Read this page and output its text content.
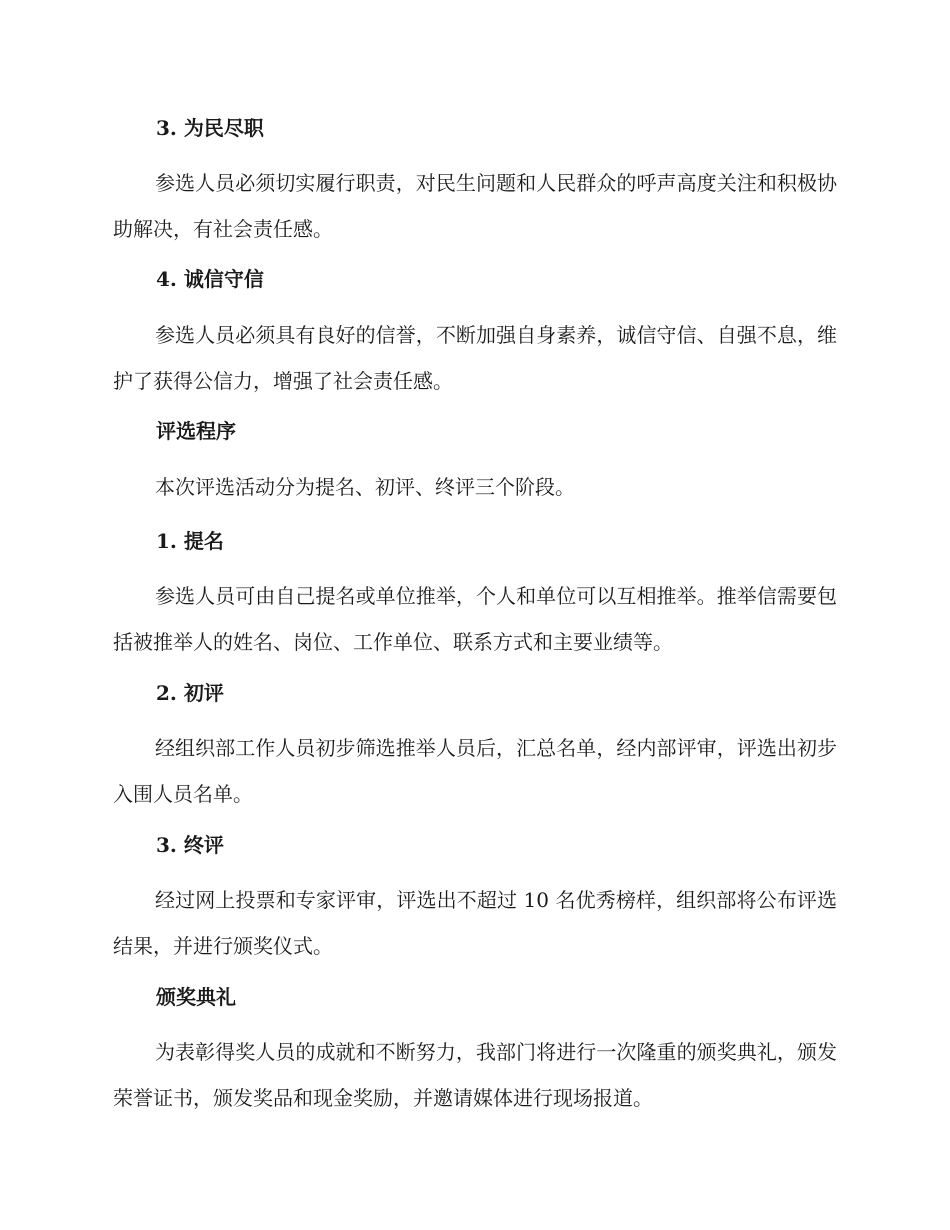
3. 为民尽职
参选人员必须切实履行职责，对民生问题和人民群众的呼声高度关注和积极协助解决，有社会责任感。
4. 诚信守信
参选人员必须具有良好的信誉，不断加强自身素养，诚信守信、自强不息，维护了获得公信力，增强了社会责任感。
评选程序
本次评选活动分为提名、初评、终评三个阶段。
1. 提名
参选人员可由自己提名或单位推举，个人和单位可以互相推举。推举信需要包括被推举人的姓名、岗位、工作单位、联系方式和主要业绩等。
2. 初评
经组织部工作人员初步筛选推举人员后，汇总名单，经内部评审，评选出初步入围人员名单。
3. 终评
经过网上投票和专家评审，评选出不超过 10 名优秀榜样，组织部将公布评选结果，并进行颁奖仪式。
颁奖典礼
为表彰得奖人员的成就和不断努力，我部门将进行一次隆重的颁奖典礼，颁发荣誉证书，颁发奖品和现金奖励，并邀请媒体进行现场报道。
